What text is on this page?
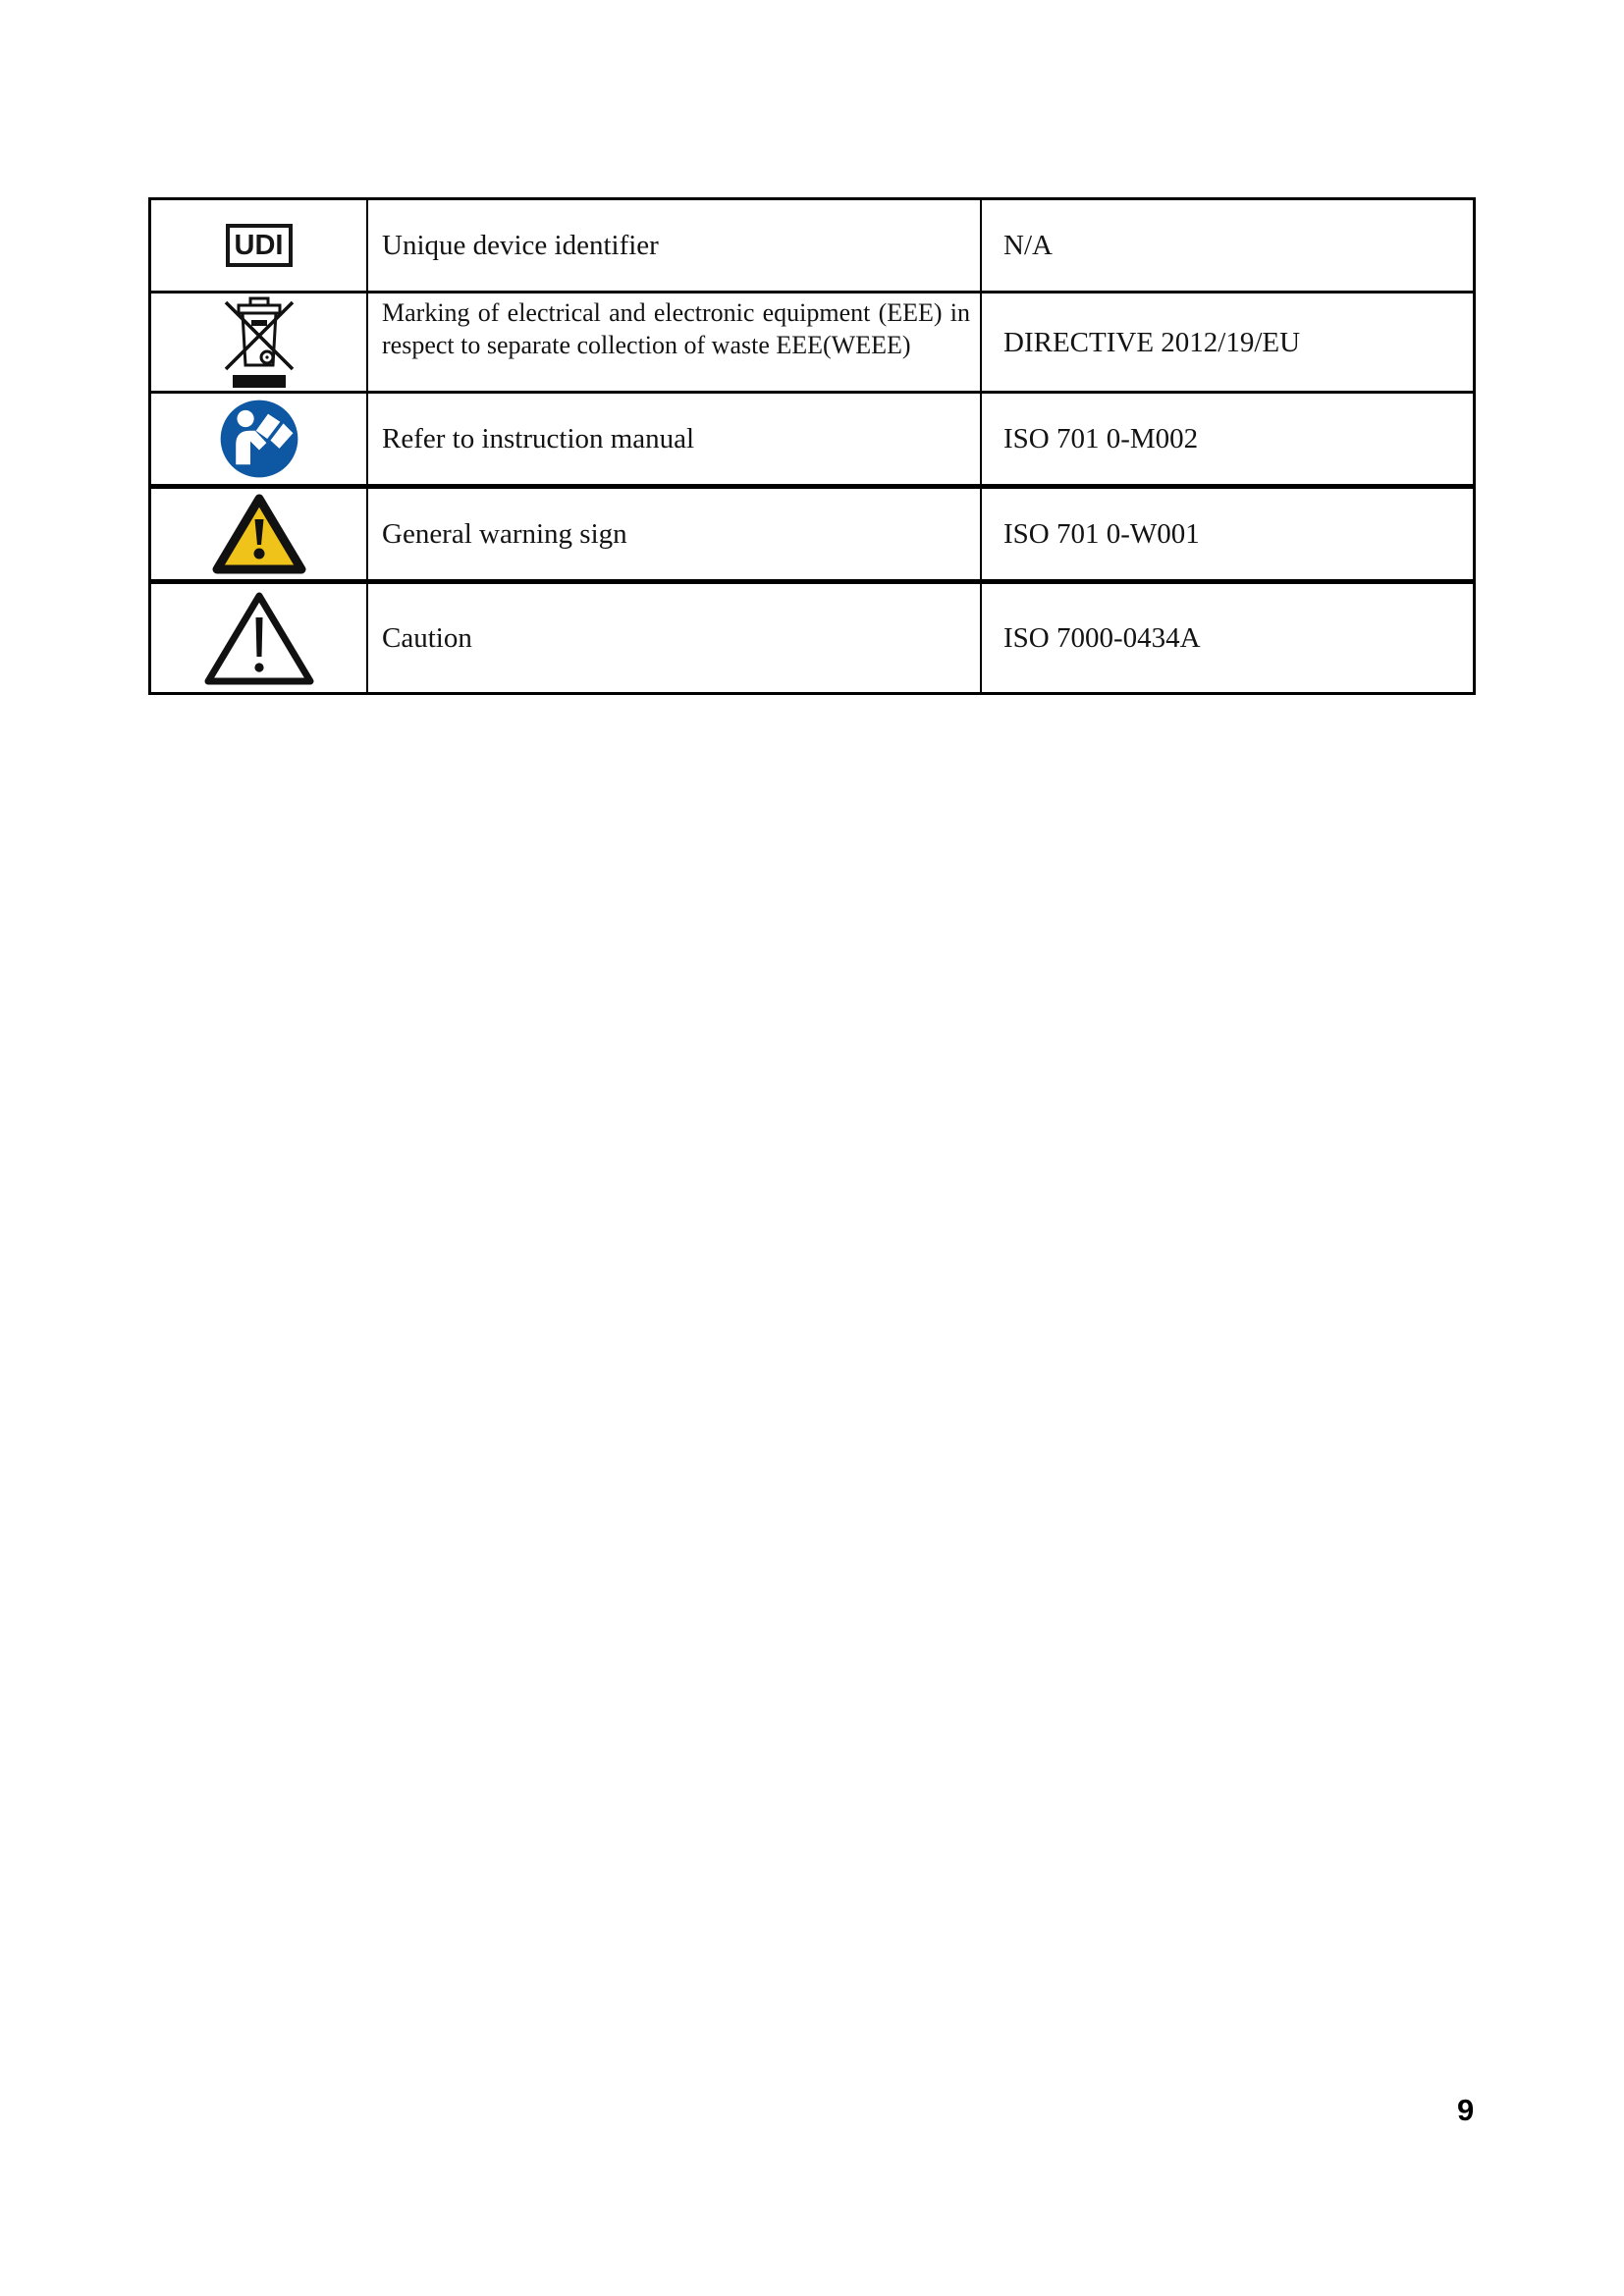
UDI	Unique device identifier	N/A
Marking of electrical and electronic equipment (EEE) in respect to separate collection of waste EEE(WEEE)	DIRECTIVE 2012/19/EU
Refer to instruction manual	ISO 701 0-M002
General warning sign	ISO 701 0-W001
Caution	ISO 7000-0434A
9
